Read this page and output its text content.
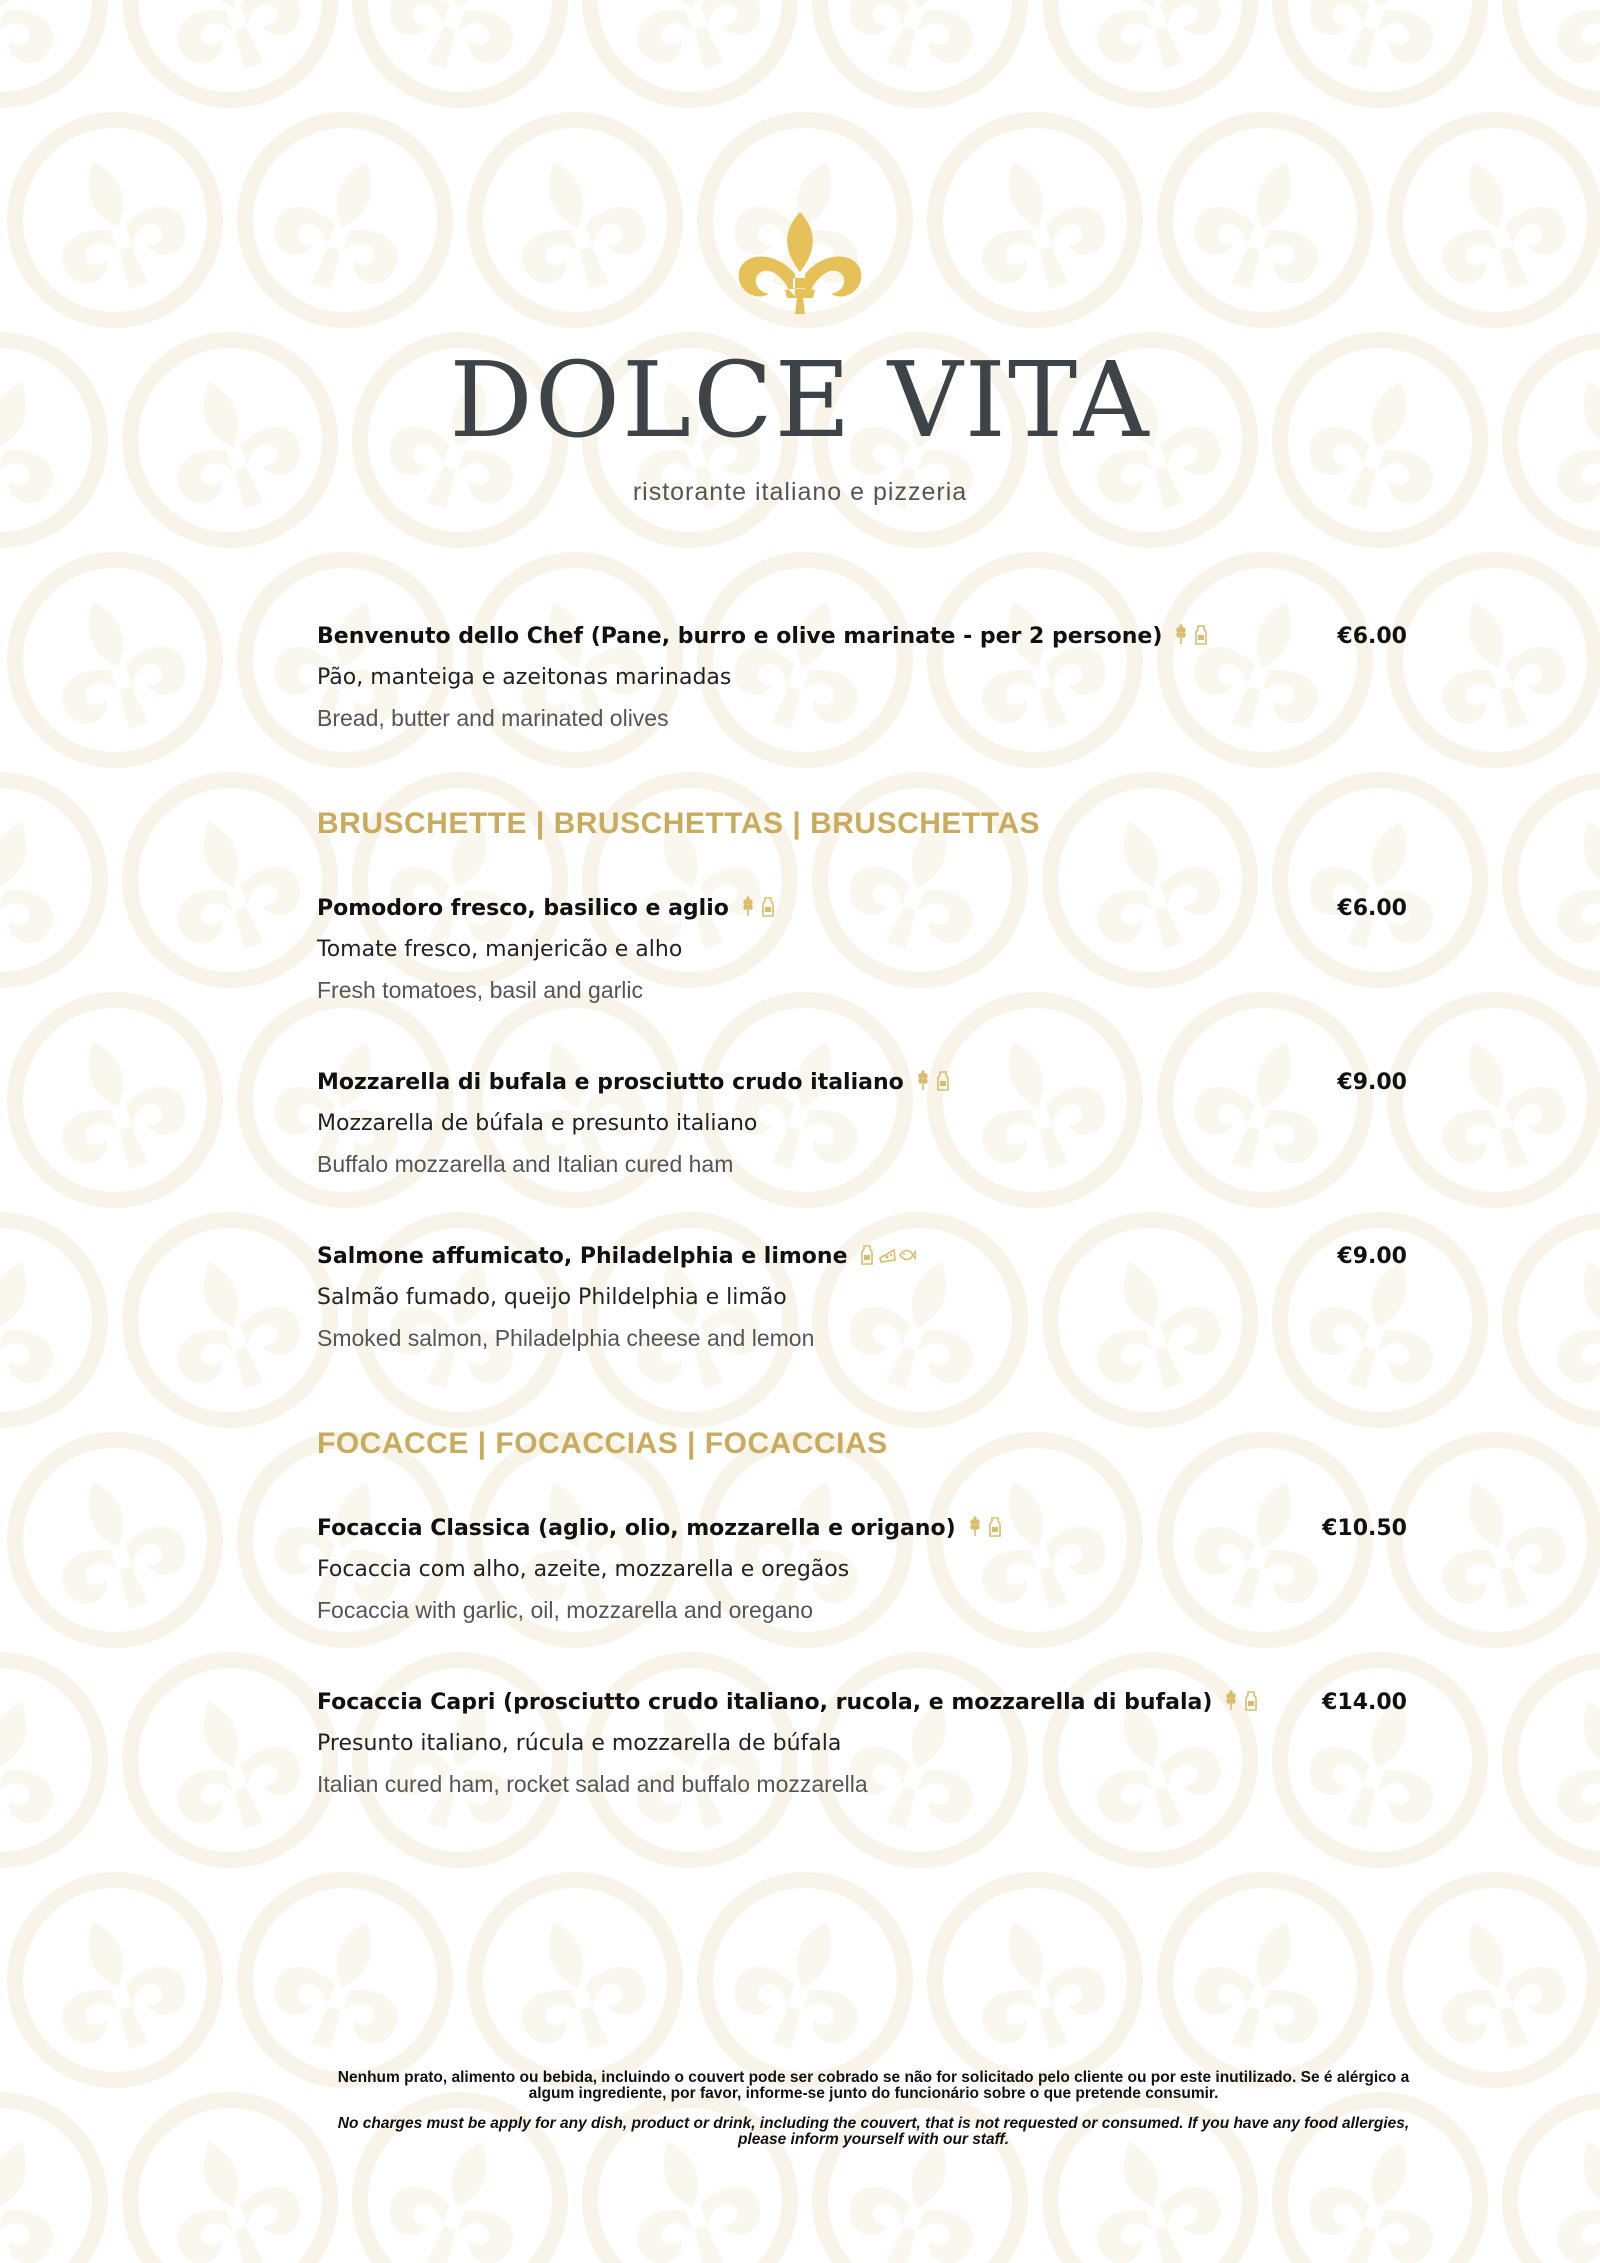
DOLCE VITA
ristorante italiano e pizzeria
Benvenuto dello Chef (Pane, burro e olive marinate - per 2 persone)	€6.00
Pão, manteiga e azeitonas marinadas
Bread, butter and marinated olives
BRUSCHETTE | BRUSCHETTAS | BRUSCHETTAS
Pomodoro fresco, basilico e aglio	€6.00
Tomate fresco, manjericão e alho
Fresh tomatoes, basil and garlic
Mozzarella di bufala e prosciutto crudo italiano	€9.00
Mozzarella de búfala e presunto italiano
Buffalo mozzarella and Italian cured ham
Salmone affumicato, Philadelphia e limone	€9.00
Salmão fumado, queijo Phildelphia e limão
Smoked salmon, Philadelphia cheese and lemon
FOCACCE | FOCACCIAS | FOCACCIAS
Focaccia Classica (aglio, olio, mozzarella e origano)	€10.50
Focaccia com alho, azeite, mozzarella e oregãos
Focaccia with garlic, oil, mozzarella and oregano
Focaccia Capri (prosciutto crudo italiano, rucola, e mozzarella di bufala)	€14.00
Presunto italiano, rúcula e mozzarella de búfala
Italian cured ham, rocket salad and buffalo mozzarella

Nenhum prato, alimento ou bebida, incluindo o couvert pode ser cobrado se não for solicitado pelo cliente ou por este inutilizado. Se é alérgico a algum ingrediente, por favor, informe-se junto do funcionário sobre o que pretende consumir.

No charges must be apply for any dish, product or drink, including the couvert, that is not requested or consumed. If you have any food allergies, please inform yourself with our staff.
